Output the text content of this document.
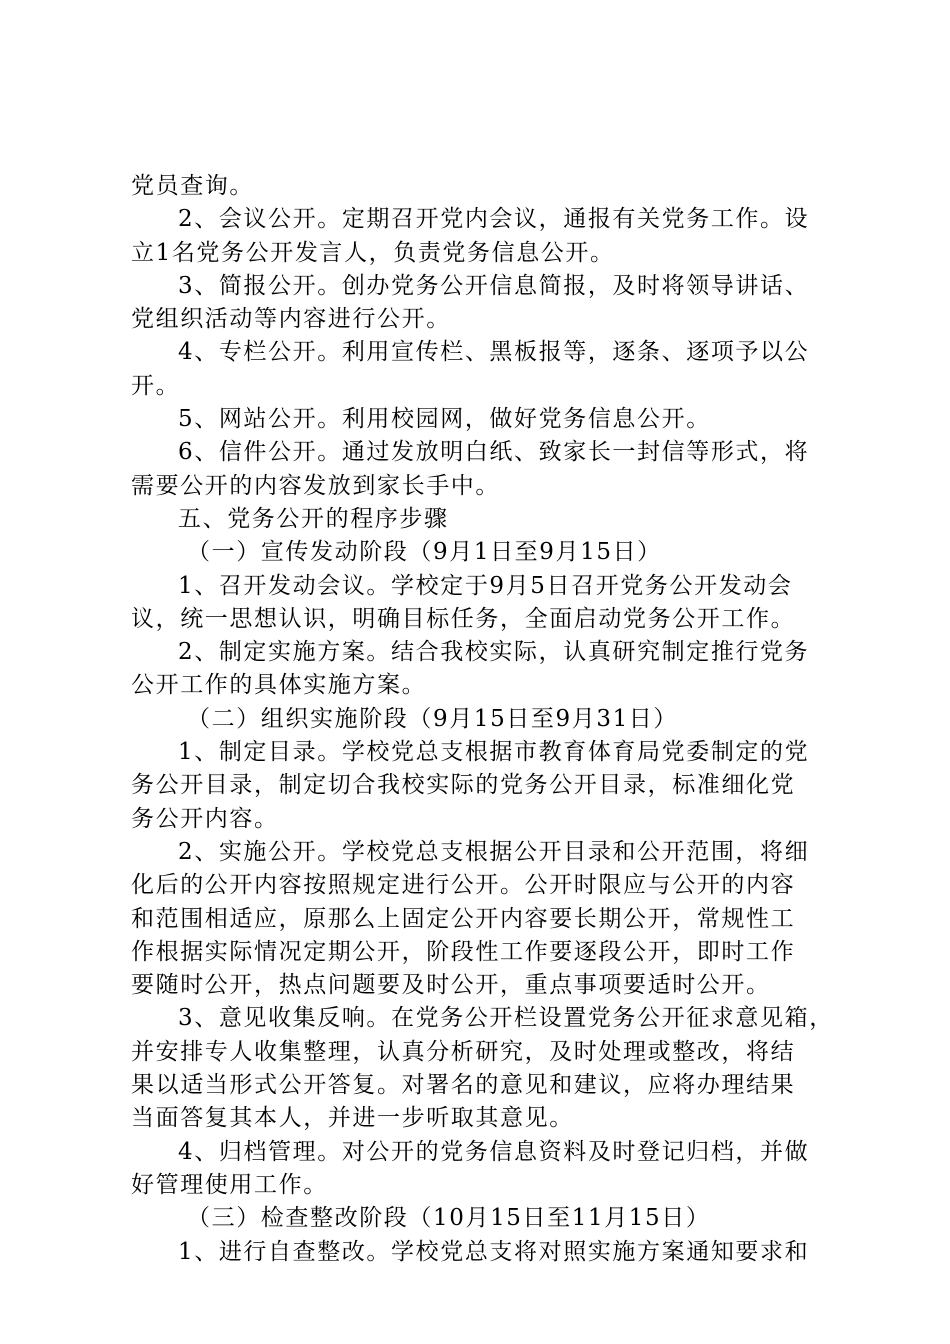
党员查询。
2、会议公开。定期召开党内会议，通报有关党务工作。设
立1名党务公开发言人，负责党务信息公开。
3、简报公开。创办党务公开信息简报，及时将领导讲话、
党组织活动等内容进行公开。
4、专栏公开。利用宣传栏、黑板报等，逐条、逐项予以公
开。
5、网站公开。利用校园网，做好党务信息公开。
6、信件公开。通过发放明白纸、致家长一封信等形式，将
需要公开的内容发放到家长手中。
五、党务公开的程序步骤
（一）宣传发动阶段（9月1日至9月15日）
1、召开发动会议。学校定于9月5日召开党务公开发动会
议，统一思想认识，明确目标任务，全面启动党务公开工作。
2、制定实施方案。结合我校实际，认真研究制定推行党务
公开工作的具体实施方案。
（二）组织实施阶段（9月15日至9月31日）
1、制定目录。学校党总支根据市教育体育局党委制定的党
务公开目录，制定切合我校实际的党务公开目录，标准细化党
务公开内容。
2、实施公开。学校党总支根据公开目录和公开范围，将细
化后的公开内容按照规定进行公开。公开时限应与公开的内容
和范围相适应，原那么上固定公开内容要长期公开，常规性工
作根据实际情况定期公开，阶段性工作要逐段公开，即时工作
要随时公开，热点问题要及时公开，重点事项要适时公开。
3、意见收集反响。在党务公开栏设置党务公开征求意见箱，
并安排专人收集整理，认真分析研究，及时处理或整改，将结
果以适当形式公开答复。对署名的意见和建议，应将办理结果
当面答复其本人，并进一步听取其意见。
4、归档管理。对公开的党务信息资料及时登记归档，并做
好管理使用工作。
（三）检查整改阶段（10月15日至11月15日）
1、进行自查整改。学校党总支将对照实施方案通知要求和
